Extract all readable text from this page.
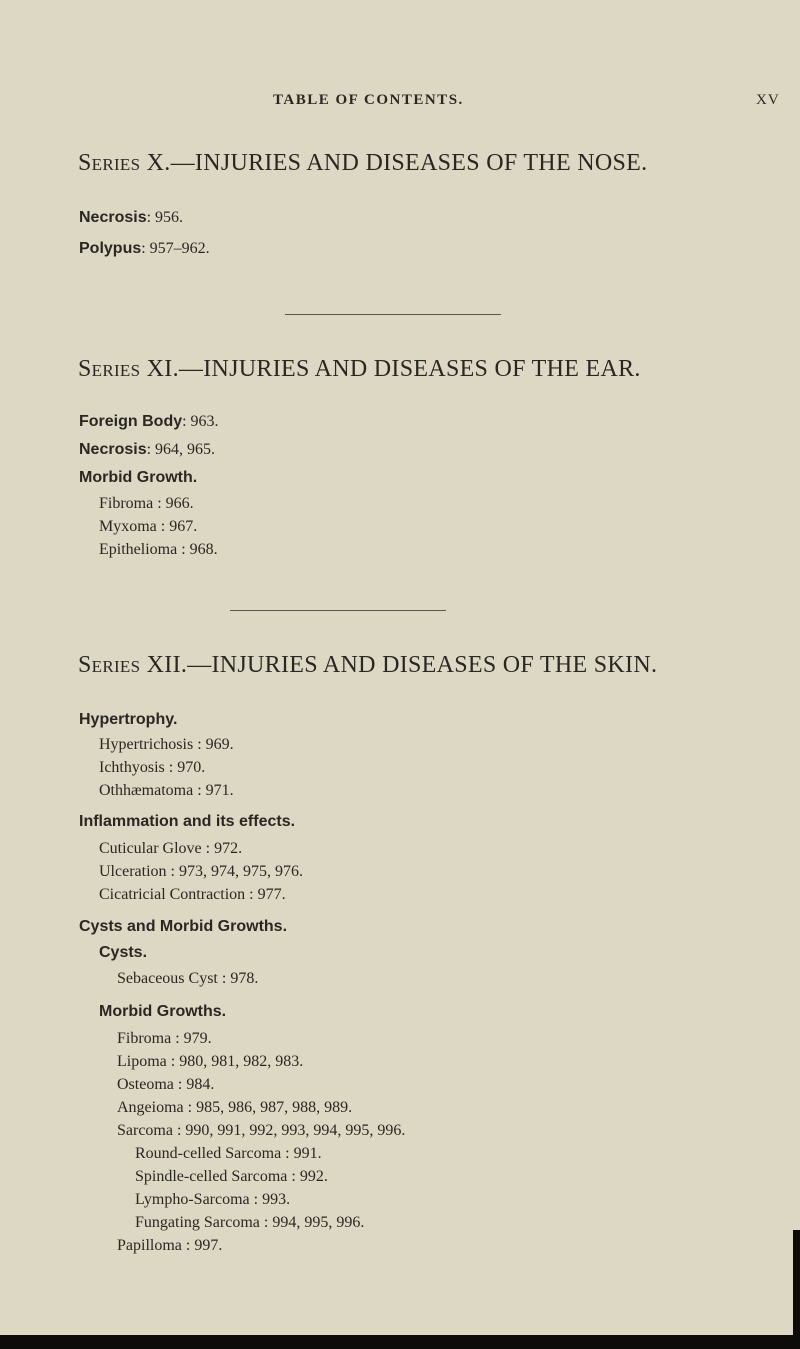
TABLE OF CONTENTS.	XV
Series X.—INJURIES AND DISEASES OF THE NOSE.
Necrosis: 956.
Polypus: 957–962.
Series XI.—INJURIES AND DISEASES OF THE EAR.
Foreign Body: 963.
Necrosis: 964, 965.
Morbid Growth.
Fibroma : 966.
Myxoma : 967.
Epithelioma : 968.
Series XII.—INJURIES AND DISEASES OF THE SKIN.
Hypertrophy.
Hypertrichosis : 969.
Ichthyosis : 970.
Othhæmatoma : 971.
Inflammation and its effects.
Cuticular Glove : 972.
Ulceration : 973, 974, 975, 976.
Cicatricial Contraction : 977.
Cysts and Morbid Growths.
Cysts.
Sebaceous Cyst : 978.
Morbid Growths.
Fibroma : 979.
Lipoma : 980, 981, 982, 983.
Osteoma : 984.
Angeioma : 985, 986, 987, 988, 989.
Sarcoma : 990, 991, 992, 993, 994, 995, 996.
Round-celled Sarcoma : 991.
Spindle-celled Sarcoma : 992.
Lympho-Sarcoma : 993.
Fungating Sarcoma : 994, 995, 996.
Papilloma : 997.
